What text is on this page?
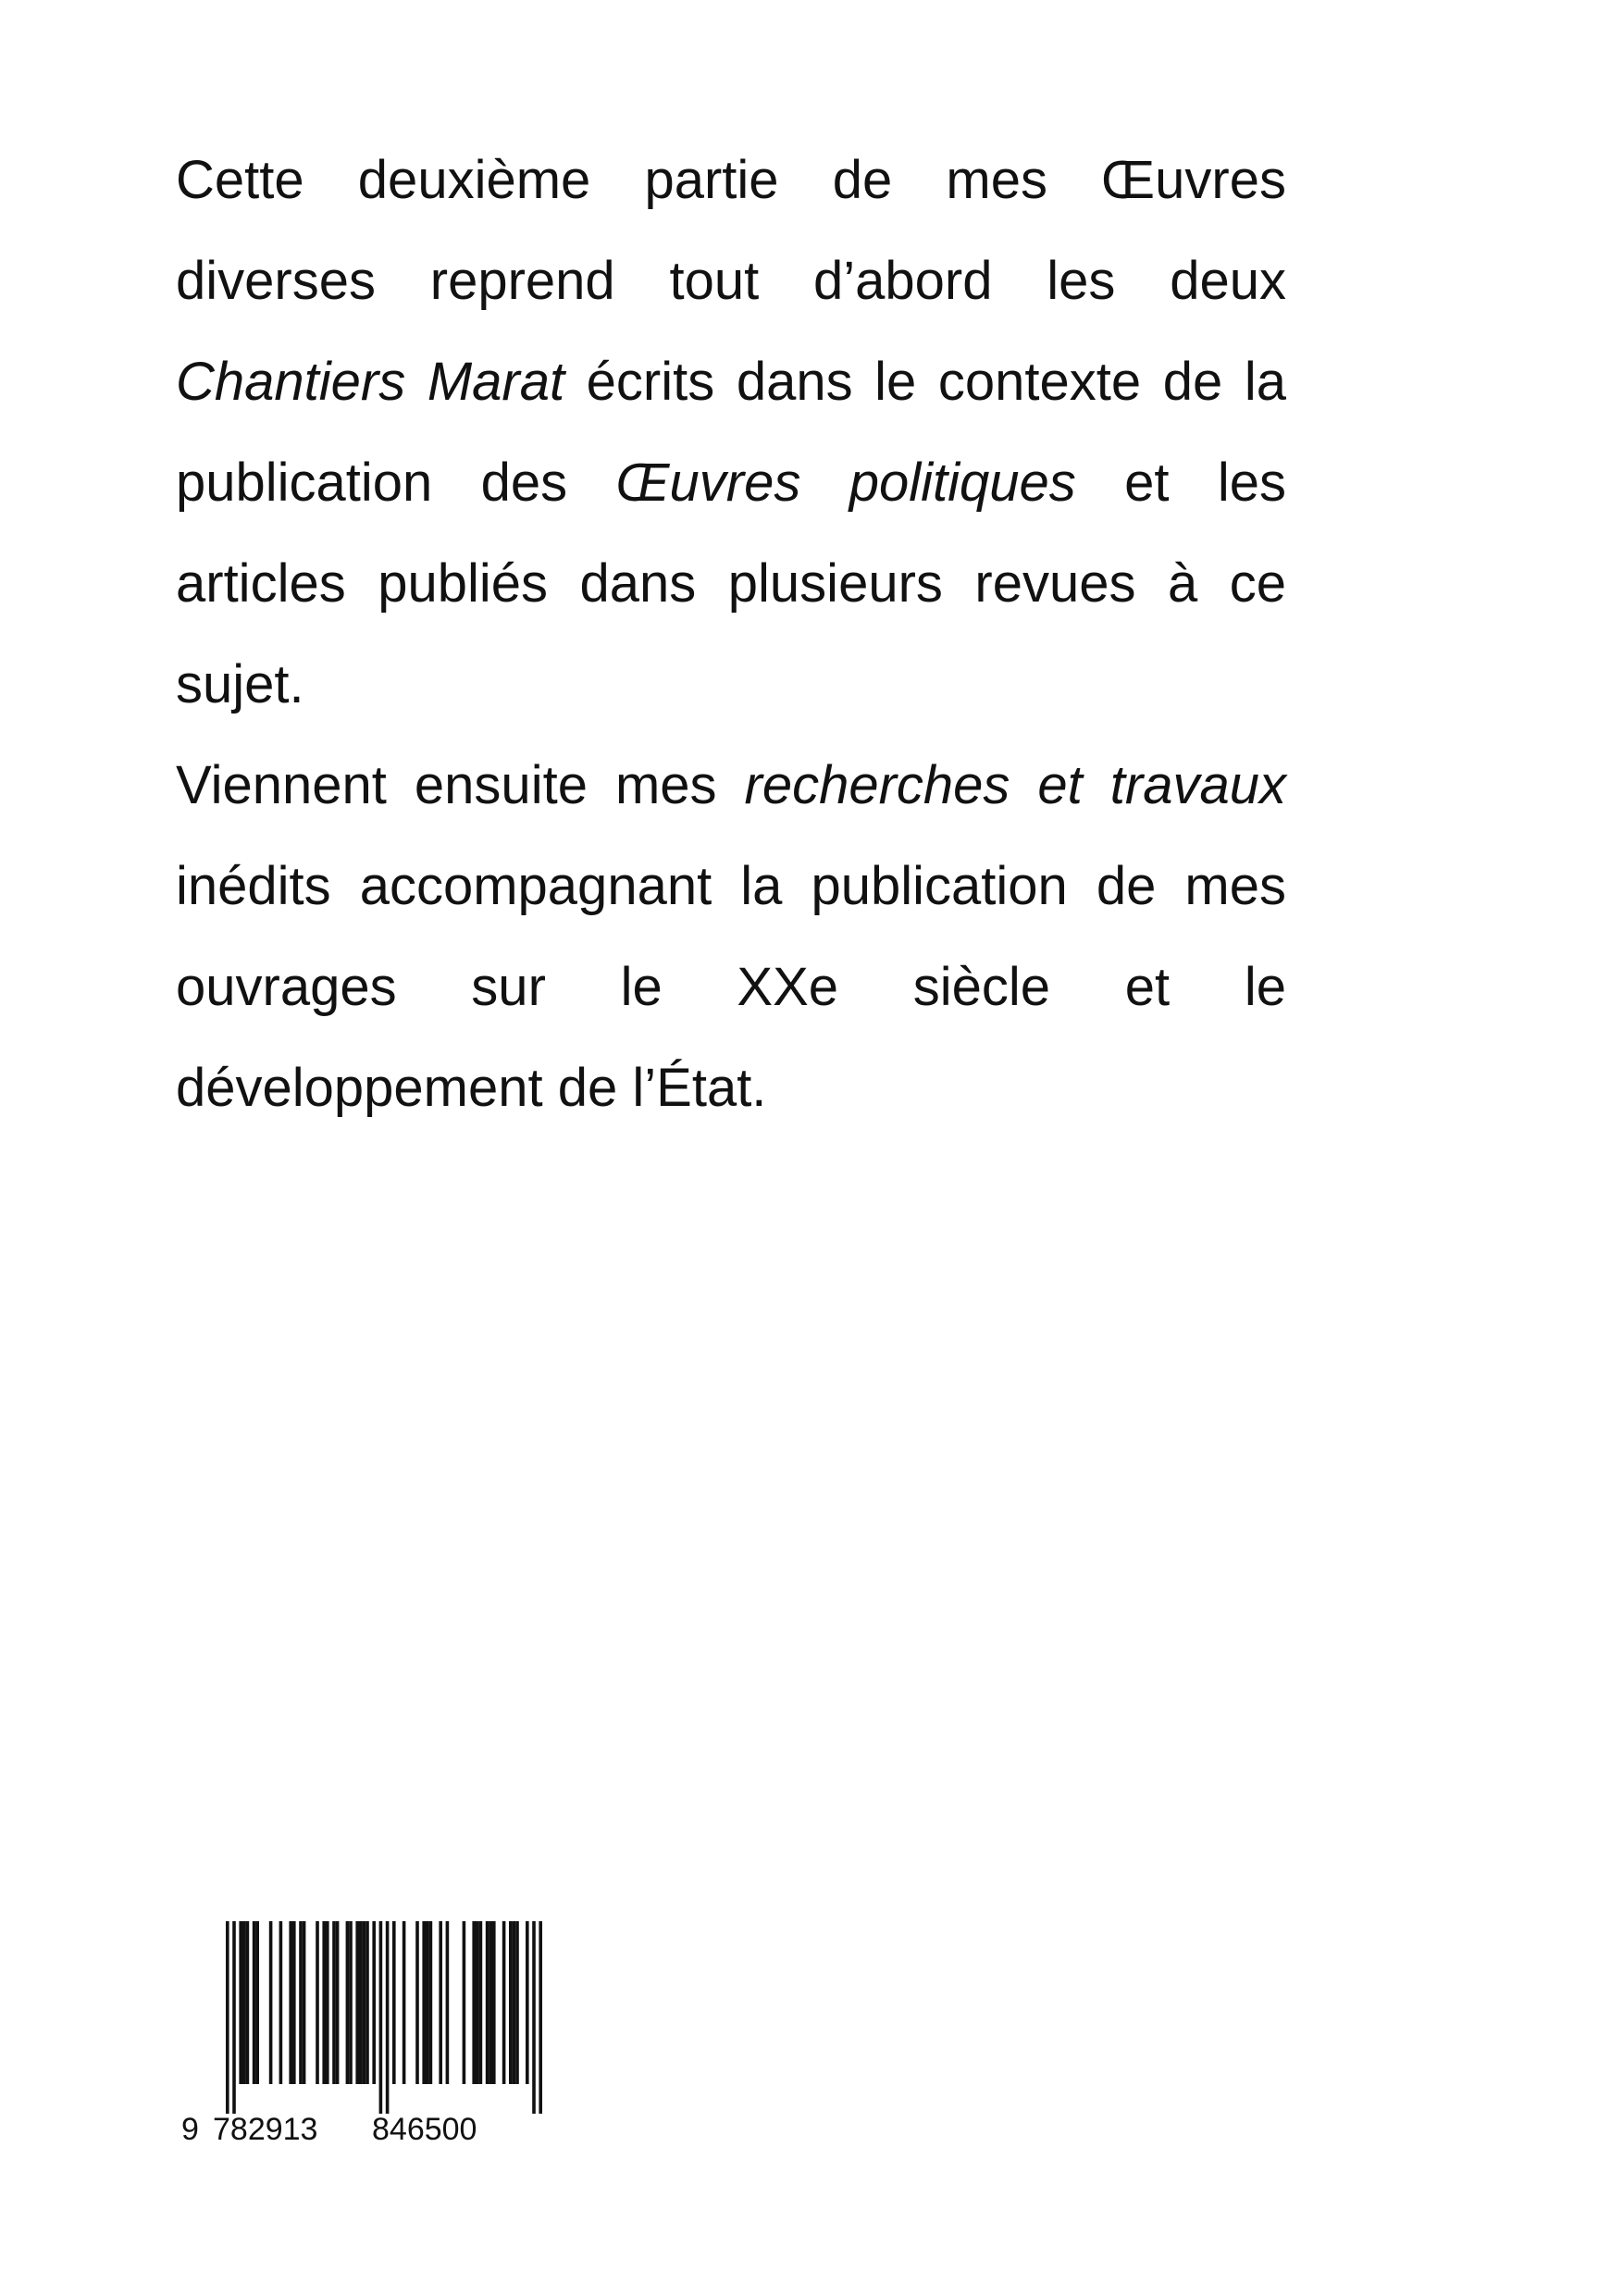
Cette deuxième partie de mes Œuvres diverses reprend tout d’abord les deux Chantiers Marat écrits dans le contexte de la publication des Œuvres politiques et les articles publiés dans plusieurs revues à ce sujet.

Viennent ensuite mes recherches et travaux inédits accompagnant la publication de mes ouvrages sur le XXe siècle et le développement de l’État.

9 782913 846500
